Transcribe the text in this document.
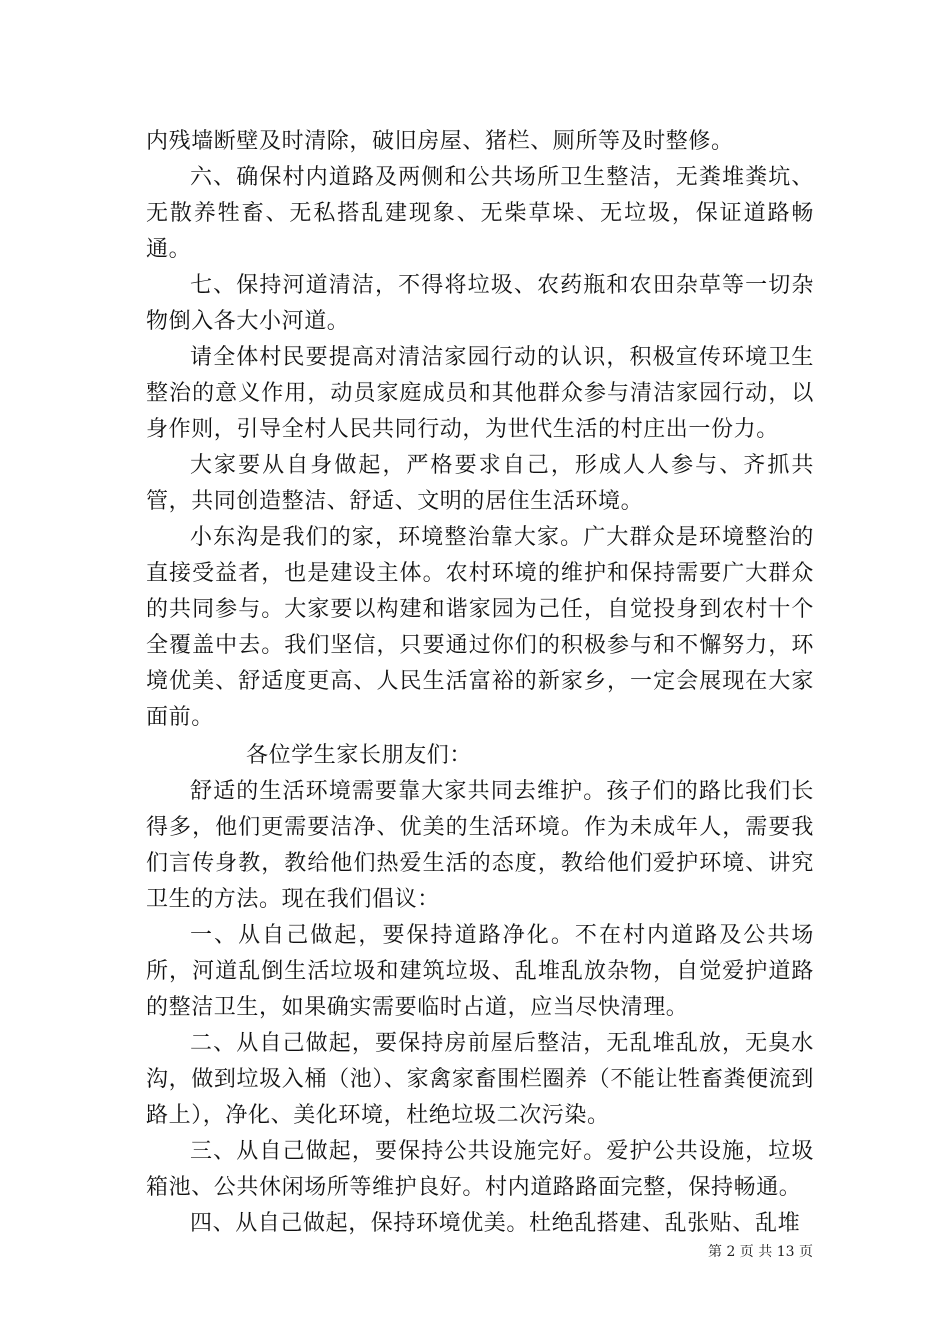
内残墙断壁及时清除，破旧房屋、猪栏、厕所等及时整修。

六、确保村内道路及两侧和公共场所卫生整洁，无粪堆粪坑、无散养牲畜、无私搭乱建现象、无柴草垛、无垃圾，保证道路畅通。

七、保持河道清洁，不得将垃圾、农药瓶和农田杂草等一切杂物倒入各大小河道。

请全体村民要提高对清洁家园行动的认识，积极宣传环境卫生整治的意义作用，动员家庭成员和其他群众参与清洁家园行动，以身作则，引导全村人民共同行动，为世代生活的村庄出一份力。

大家要从自身做起，严格要求自己，形成人人参与、齐抓共管，共同创造整洁、舒适、文明的居住生活环境。

小东沟是我们的家，环境整治靠大家。广大群众是环境整治的直接受益者，也是建设主体。农村环境的维护和保持需要广大群众的共同参与。大家要以构建和谐家园为己任，自觉投身到农村十个全覆盖中去。我们坚信，只要通过你们的积极参与和不懈努力，环境优美、舒适度更高、人民生活富裕的新家乡，一定会展现在大家面前。

各位学生家长朋友们：

舒适的生活环境需要靠大家共同去维护。孩子们的路比我们长得多，他们更需要洁净、优美的生活环境。作为未成年人，需要我们言传身教，教给他们热爱生活的态度，教给他们爱护环境、讲究卫生的方法。现在我们倡议：

一、从自己做起，要保持道路净化。不在村内道路及公共场所，河道乱倒生活垃圾和建筑垃圾、乱堆乱放杂物，自觉爱护道路的整洁卫生，如果确实需要临时占道，应当尽快清理。

二、从自己做起，要保持房前屋后整洁，无乱堆乱放，无臭水沟，做到垃圾入桶（池）、家禽家畜围栏圈养（不能让牲畜粪便流到路上），净化、美化环境，杜绝垃圾二次污染。

三、从自己做起，要保持公共设施完好。爱护公共设施，垃圾箱池、公共休闲场所等维护良好。村内道路路面完整，保持畅通。

四、从自己做起，保持环境优美。杜绝乱搭建、乱张贴、乱堆

第 2 页 共 13 页
